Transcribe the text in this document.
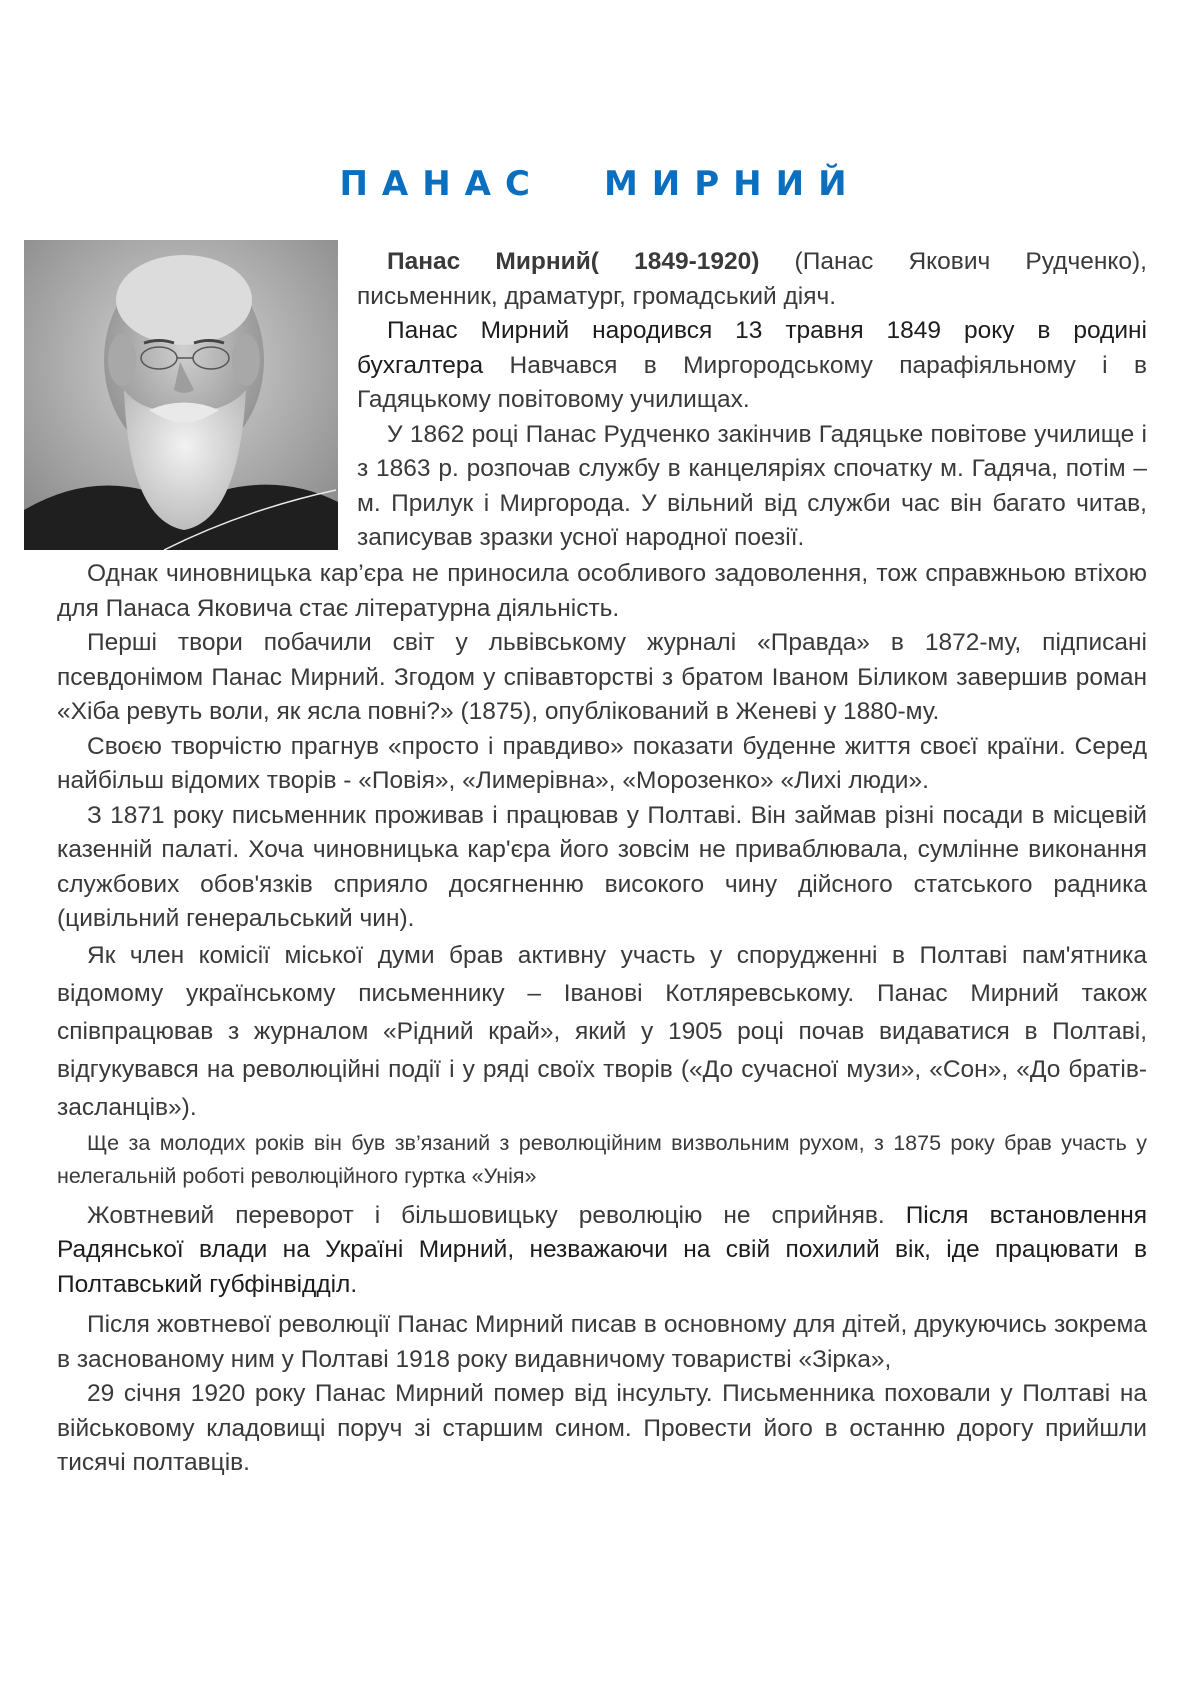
ПАНАС МИРНИЙ

Панас Мирний( 1849-1920) (Панас Якович Рудченко), письменник, драматург, громадський діяч.

Панас Мирний народився 13 травня 1849 року в родині бухгалтера Навчався в Миргородському парафіяльному і в Гадяцькому повітовому училищах.

У 1862 році Панас Рудченко закінчив Гадяцьке повітове училище і з 1863 р. розпочав службу в канцеляріях спочатку м. Гадяча, потім – м. Прилук і Миргорода. У вільний від служби час він багато читав, записував зразки усної народної поезії.

Однак чиновницька кар’єра не приносила особливого задоволення, тож справжньою втіхою для Панаса Яковича стає літературна діяльність.

Перші твори побачили світ у львівському журналі «Правда» в 1872-му, підписані псевдонімом Панас Мирний. Згодом у співавторстві з братом Іваном Біликом завершив роман «Хіба ревуть воли, як ясла повні?» (1875), опублікований в Женеві у 1880-му.

Своєю творчістю прагнув «просто і правдиво» показати буденне життя своєї країни. Серед найбільш відомих творів - «Повія», «Лимерівна», «Морозенко» «Лихі люди».

З 1871 року письменник проживав і працював у Полтаві. Він займав різні посади в місцевій казенній палаті. Хоча чиновницька кар'єра його зовсім не приваблювала, сумлінне виконання службових обов'язків сприяло досягненню високого чину дійсного статського радника (цивільний генеральський чин).

Як член комісії міської думи брав активну участь у спорудженні в Полтаві пам'ятника відомому українському письменнику – Іванові Котляревському. Панас Мирний також співпрацював з журналом «Рідний край», який у 1905 році почав видаватися в Полтаві, відгукувався на революційні події і у ряді своїх творів («До сучасної музи», «Сон», «До братів-засланців»).

Ще за молодих років він був зв’язаний з революційним визвольним рухом, з 1875 року брав участь у нелегальній роботі революційного гуртка «Унія»

Жовтневий переворот і більшовицьку революцію не сприйняв. Після встановлення Радянської влади на Україні Мирний, незважаючи на свій похилий вік, іде працювати в Полтавський губфінвідділ.

Після жовтневої революції Панас Мирний писав в основному для дітей, друкуючись зокрема в заснованому ним у Полтаві 1918 року видавничому товаристві «Зірка»,

29 січня 1920 року Панас Мирний помер від інсульту. Письменника поховали у Полтаві на військовому кладовищі поруч зі старшим сином. Провести його в останню дорогу прийшли тисячі полтавців.
